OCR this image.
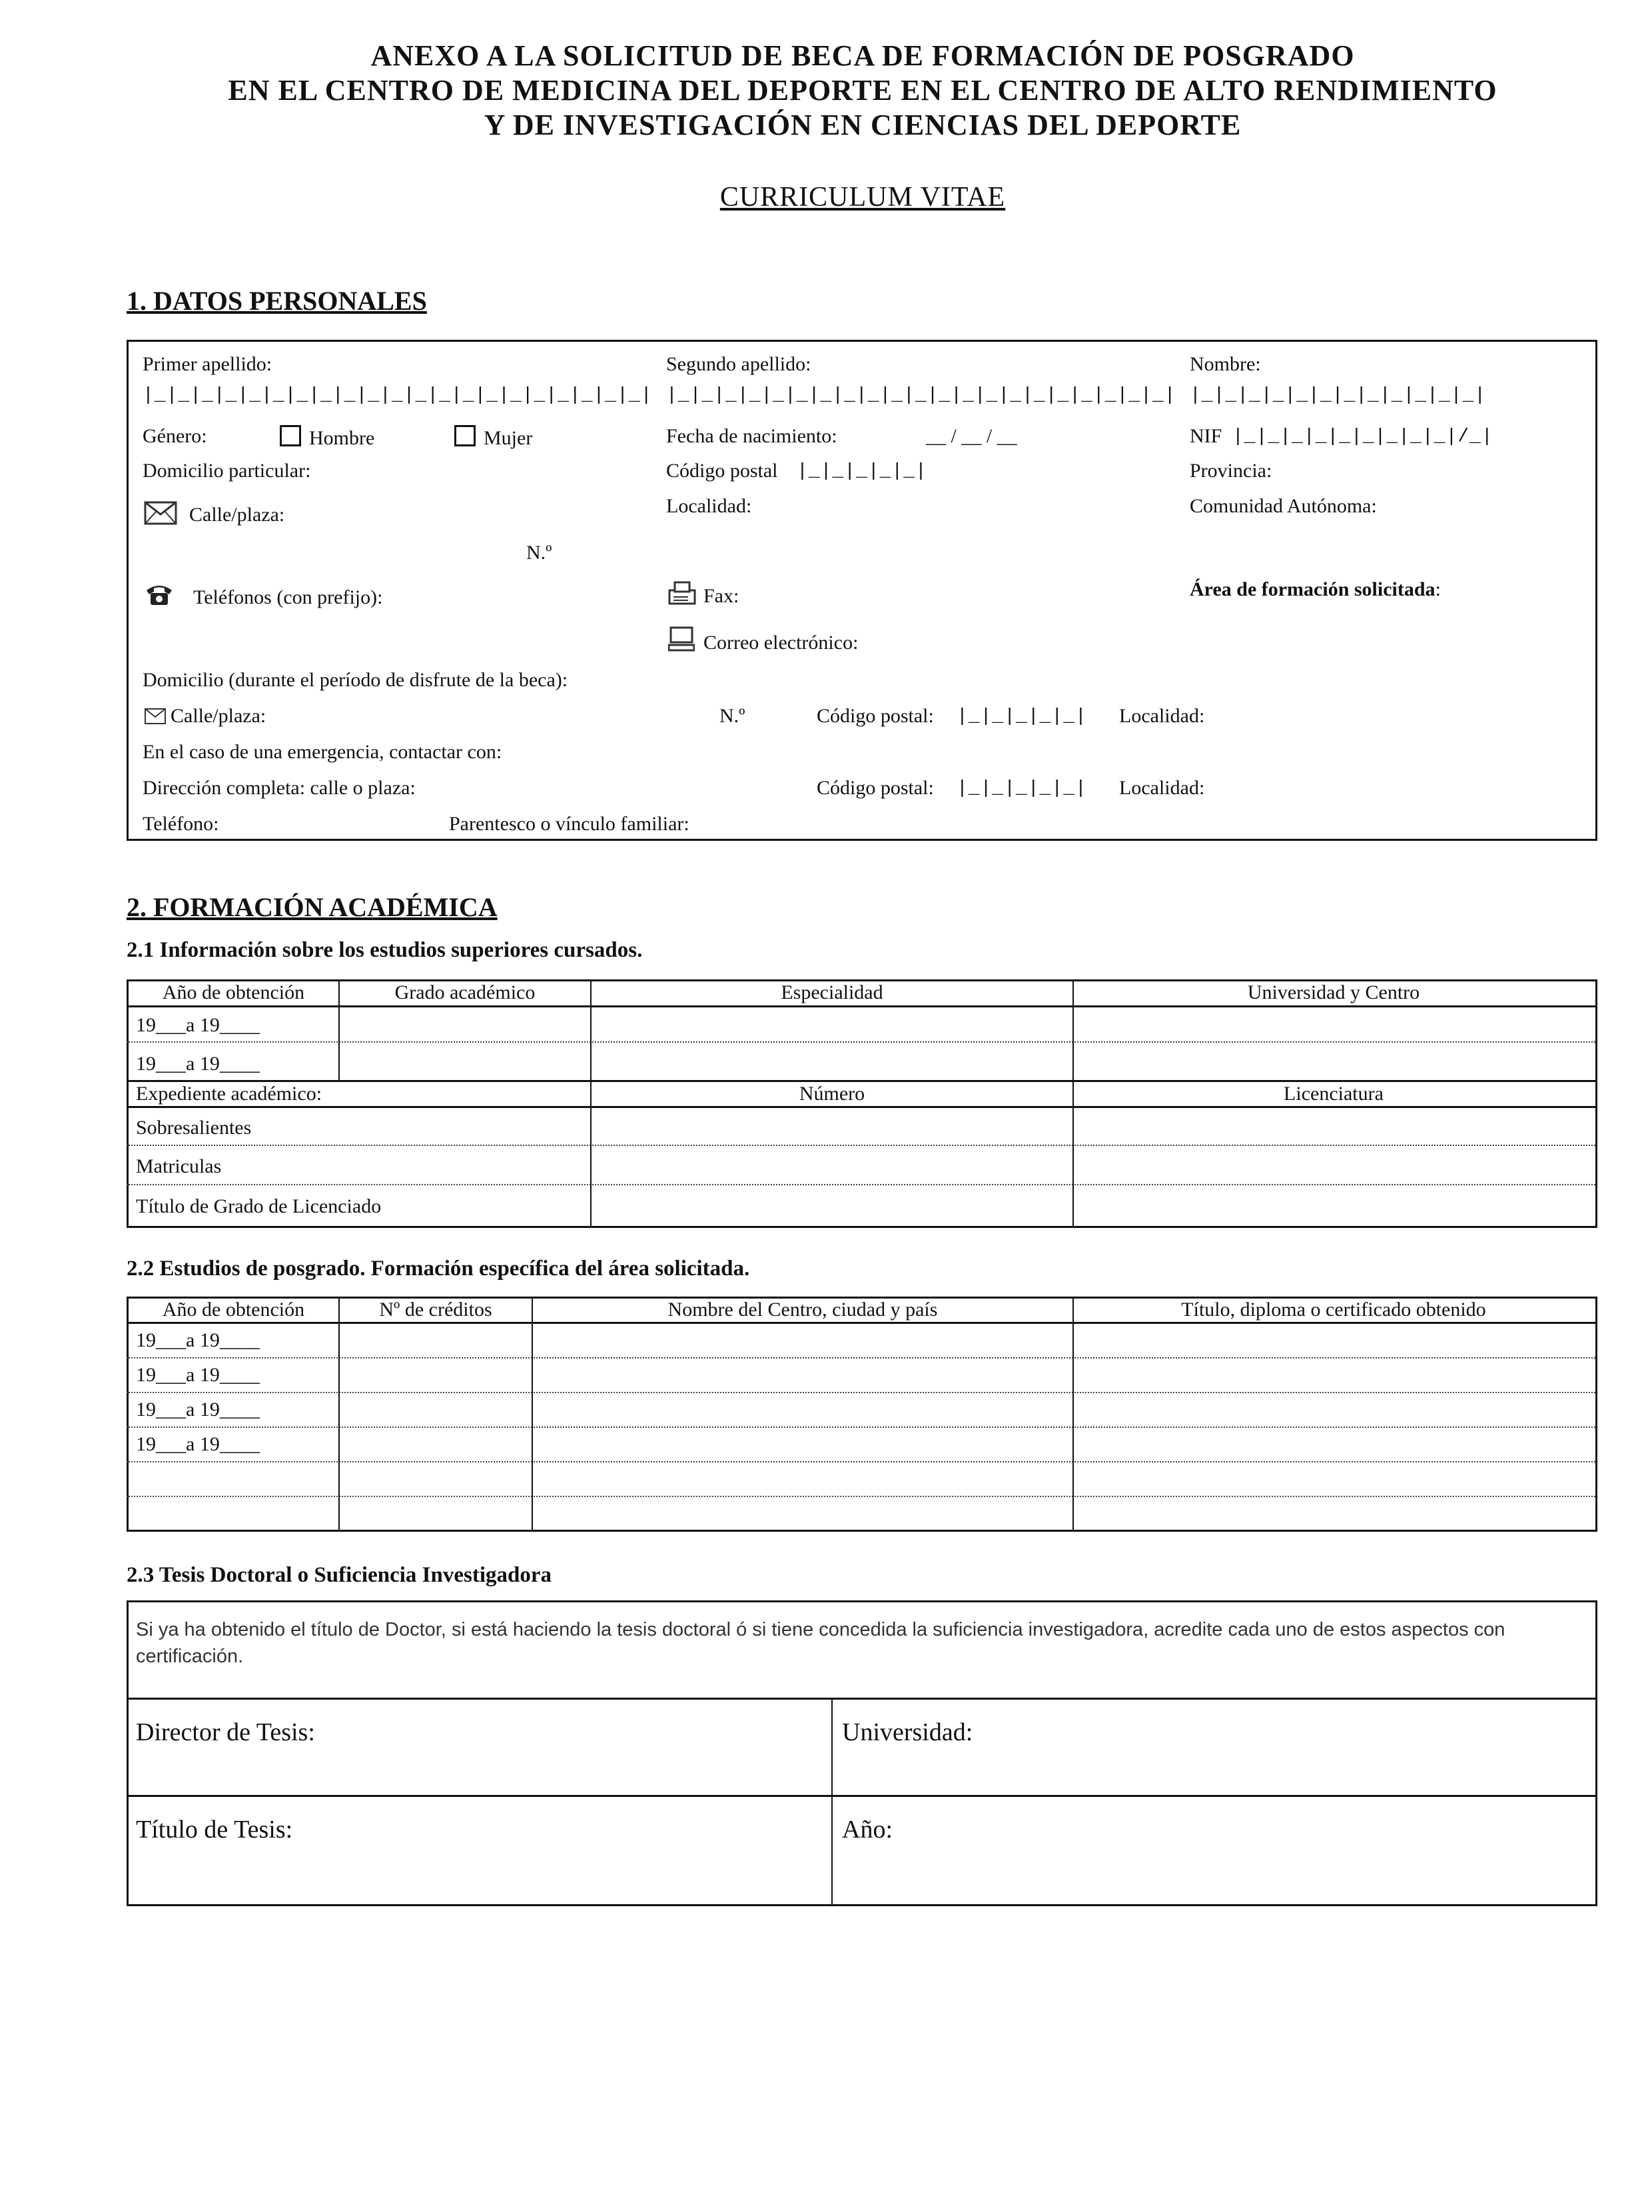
ANEXO A LA SOLICITUD DE BECA DE FORMACIÓN DE POSGRADO
EN EL CENTRO DE MEDICINA DEL DEPORTE EN EL CENTRO DE ALTO RENDIMIENTO
Y DE INVESTIGACIÓN EN CIENCIAS DEL DEPORTE
CURRICULUM VITAE
1. DATOS PERSONALES
Primer apellido:	Segundo apellido:	Nombre:
|_|_|_|_|_|_|_|_|_|_|_|_|_|_|_|_|_|_|_|_|_| |_|_|_|_|_|_|_|_|_|_|_|_|_|_|_|_|_|_|_|_|_| |_|_|_|_|_|_|_|_|_|_|_|_|
Género:	Hombre	Mujer	Fecha de nacimiento:	__ / __ / __	NIF |_|_|_|_|_|_|_|_|_|/_|
Domicilio particular:	Código postal |_|_|_|_|_|	Provincia:
Calle/plaza:	Localidad:	Comunidad Autónoma:
N.º
Teléfonos (con prefijo):	Fax:	Área de formación solicitada:
Correo electrónico:
Domicilio (durante el período de disfrute de la beca):
Calle/plaza:	N.º	Código postal: |_|_|_|_|_| Localidad:
En el caso de una emergencia, contactar con:
Dirección completa: calle o plaza:	Código postal: |_|_|_|_|_| Localidad:
Teléfono:	Parentesco o vínculo familiar:
2. FORMACIÓN ACADÉMICA
2.1 Información sobre los estudios superiores cursados.
Año de obtención	Grado académico	Especialidad	Universidad y Centro
19___a 19____
19___a 19____
Expediente académico:	Número	Licenciatura
Sobresalientes
Matriculas
Título de Grado de Licenciado
2.2 Estudios de posgrado. Formación específica del área solicitada.
Año de obtención	Nº de créditos	Nombre del Centro, ciudad y país	Título, diploma o certificado obtenido
19___a 19____
19___a 19____
19___a 19____
19___a 19____
2.3 Tesis Doctoral o Suficiencia Investigadora
Si ya ha obtenido el título de Doctor, si está haciendo la tesis doctoral ó si tiene concedida la suficiencia investigadora, acredite cada uno de estos aspectos con certificación.
Director de Tesis:	Universidad:
Título de Tesis:	Año:
